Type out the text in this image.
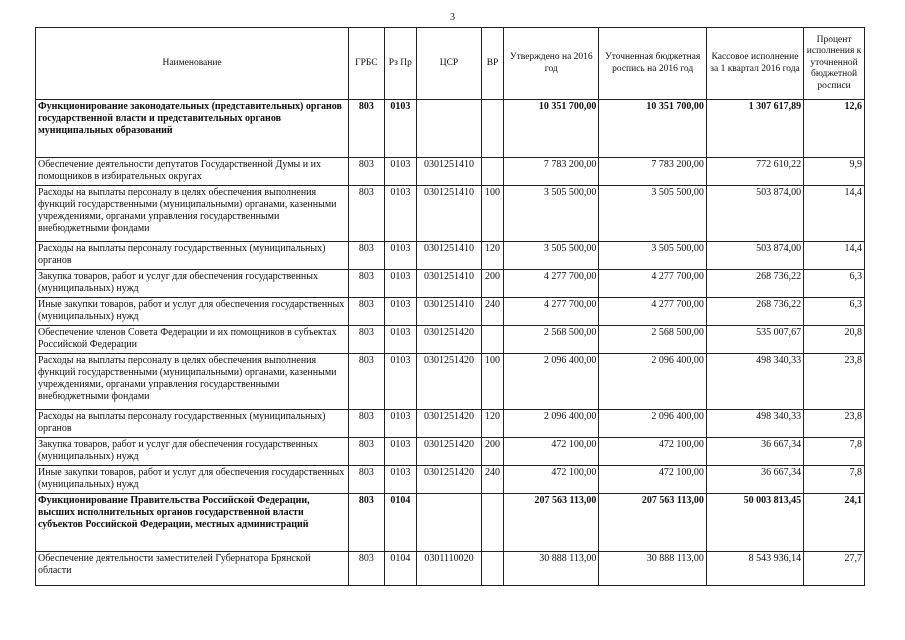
3
Наименование	ГРБС	Рз Пр	ЦСР	ВР	Утверждено на 2016 год	Уточненная бюджетная роспись на 2016 год	Кассовое исполнение за 1 квартал 2016 года	Процент исполнения к уточненной бюджетной росписи
Функционирование законодательных (представительных) органов государственной власти и представительных органов муниципальных образований	803	0103			10 351 700,00	10 351 700,00	1 307 617,89	12,6
Обеспечение деятельности депутатов Государственной Думы и их помощников в избирательных округах	803	0103	0301251410		7 783 200,00	7 783 200,00	772 610,22	9,9
Расходы на выплаты персоналу в целях обеспечения выполнения функций государственными (муниципальными) органами, казенными учреждениями, органами управления государственными внебюджетными фондами	803	0103	0301251410	100	3 505 500,00	3 505 500,00	503 874,00	14,4
Расходы на выплаты персоналу государственных (муниципальных) органов	803	0103	0301251410	120	3 505 500,00	3 505 500,00	503 874,00	14,4
Закупка товаров, работ и услуг для обеспечения государственных (муниципальных) нужд	803	0103	0301251410	200	4 277 700,00	4 277 700,00	268 736,22	6,3
Иные закупки товаров, работ и услуг для обеспечения государственных (муниципальных) нужд	803	0103	0301251410	240	4 277 700,00	4 277 700,00	268 736,22	6,3
Обеспечение членов Совета Федерации и их помощников в субъектах Российской Федерации	803	0103	0301251420		2 568 500,00	2 568 500,00	535 007,67	20,8
Расходы на выплаты персоналу в целях обеспечения выполнения функций государственными (муниципальными) органами, казенными учреждениями, органами управления государственными внебюджетными фондами	803	0103	0301251420	100	2 096 400,00	2 096 400,00	498 340,33	23,8
Расходы на выплаты персоналу государственных (муниципальных) органов	803	0103	0301251420	120	2 096 400,00	2 096 400,00	498 340,33	23,8
Закупка товаров, работ и услуг для обеспечения государственных (муниципальных) нужд	803	0103	0301251420	200	472 100,00	472 100,00	36 667,34	7,8
Иные закупки товаров, работ и услуг для обеспечения государственных (муниципальных) нужд	803	0103	0301251420	240	472 100,00	472 100,00	36 667,34	7,8
Функционирование Правительства Российской Федерации, высших исполнительных органов государственной власти субъектов Российской Федерации, местных администраций	803	0104			207 563 113,00	207 563 113,00	50 003 813,45	24,1
Обеспечение деятельности заместителей Губернатора Брянской области	803	0104	0301110020		30 888 113,00	30 888 113,00	8 543 936,14	27,7
